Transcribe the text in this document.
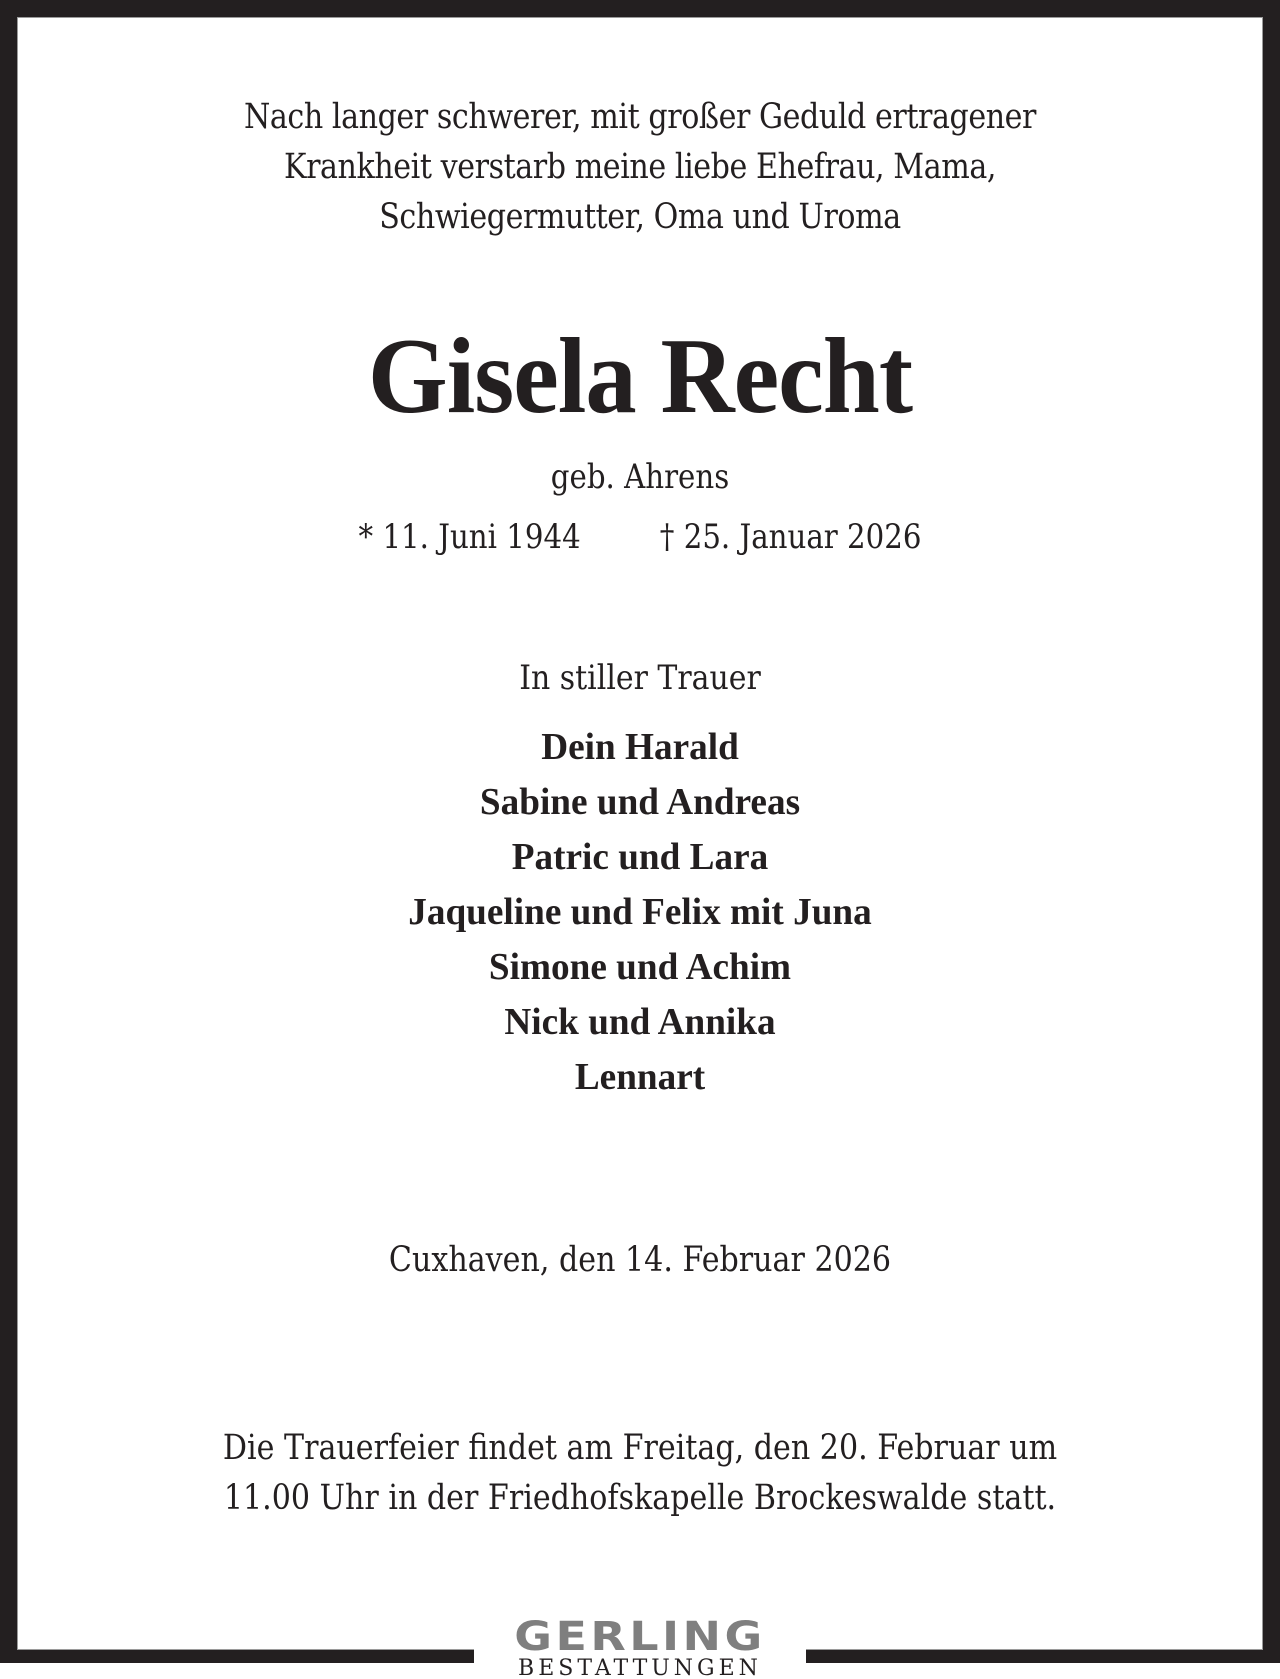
Nach langer schwerer, mit großer Geduld ertragener
Krankheit verstarb meine liebe Ehefrau, Mama,
Schwiegermutter, Oma und Uroma
Gisela Recht
geb. Ahrens
* 11. Juni 1944 † 25. Januar 2026
In stiller Trauer
Dein Harald
Sabine und Andreas
Patric und Lara
Jaqueline und Felix mit Juna
Simone und Achim
Nick und Annika
Lennart
Cuxhaven, den 14. Februar 2026
Die Trauerfeier findet am Freitag, den 20. Februar um
11.00 Uhr in der Friedhofskapelle Brockeswalde statt.
GERLING
BESTATTUNGEN
